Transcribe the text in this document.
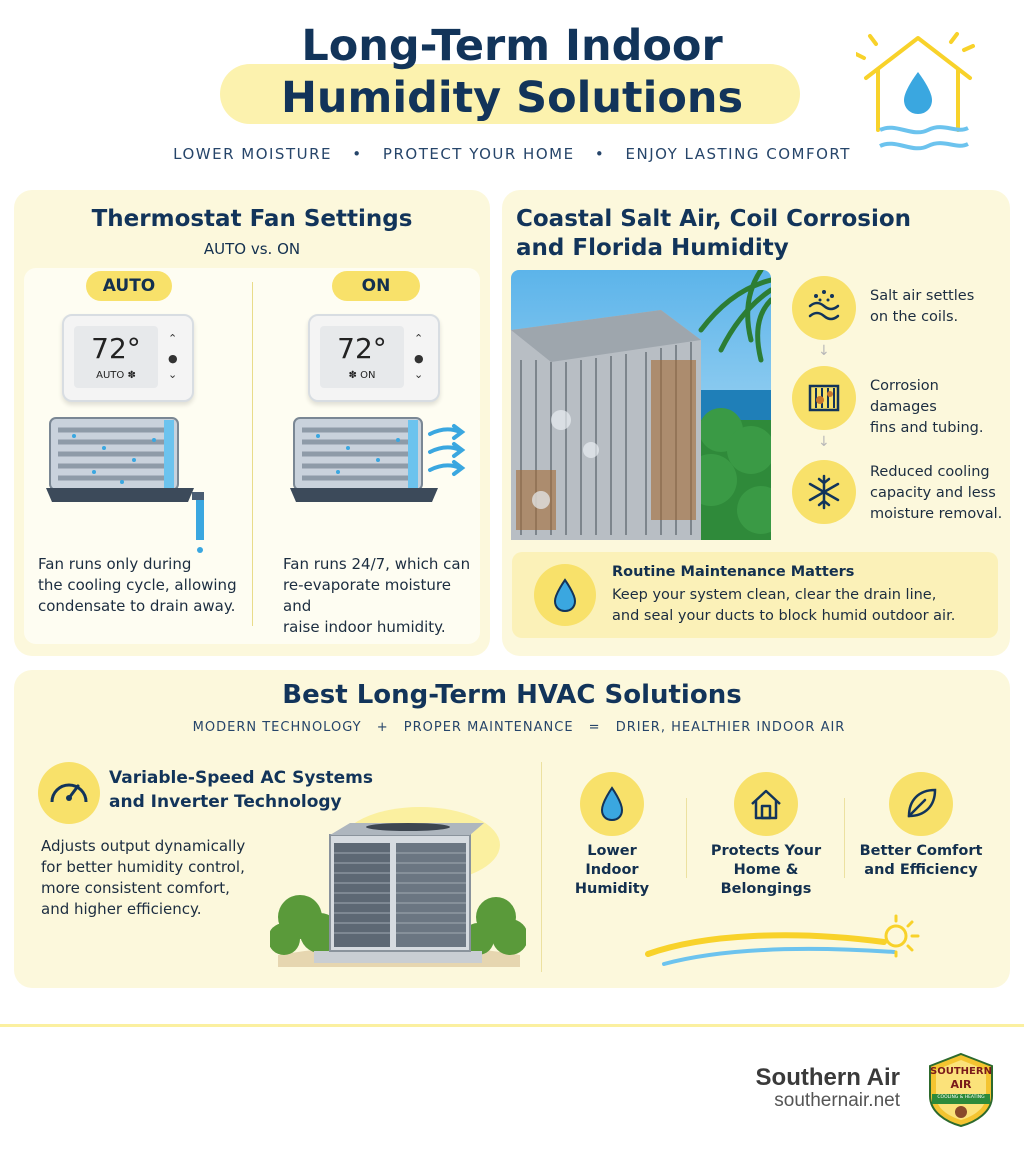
Long-Term Indoor
Humidity Solutions
LOWER MOISTURE • PROTECT YOUR HOME • ENJOY LASTING COMFORT
Thermostat Fan Settings
AUTO vs. ON
AUTO
72°
AUTO ✽
⌃
●
⌄
Fan runs only during
the cooling cycle, allowing
condensate to drain away.
ON
72°
✽ ON
⌃
●
⌄
Fan runs 24/7, which can
re-evaporate moisture and
raise indoor humidity.
Coastal Salt Air, Coil Corrosion
and Florida Humidity
Salt air settles
on the coils.
↓
Corrosion damages
fins and tubing.
↓
Reduced cooling
capacity and less
moisture removal.
Routine Maintenance Matters
Keep your system clean, clear the drain line,
and seal your ducts to block humid outdoor air.
Best Long-Term HVAC Solutions
MODERN TECHNOLOGY + PROPER MAINTENANCE = DRIER, HEALTHIER INDOOR AIR
Variable-Speed AC Systems
and Inverter Technology
Adjusts output dynamically
for better humidity control,
more consistent comfort,
and higher efficiency.
Lower
Indoor
Humidity
Protects Your
Home & Belongings
Better Comfort
and Efficiency
Southern Air
southernair.net
SOUTHERN
AIR
COOLING & HEATING
